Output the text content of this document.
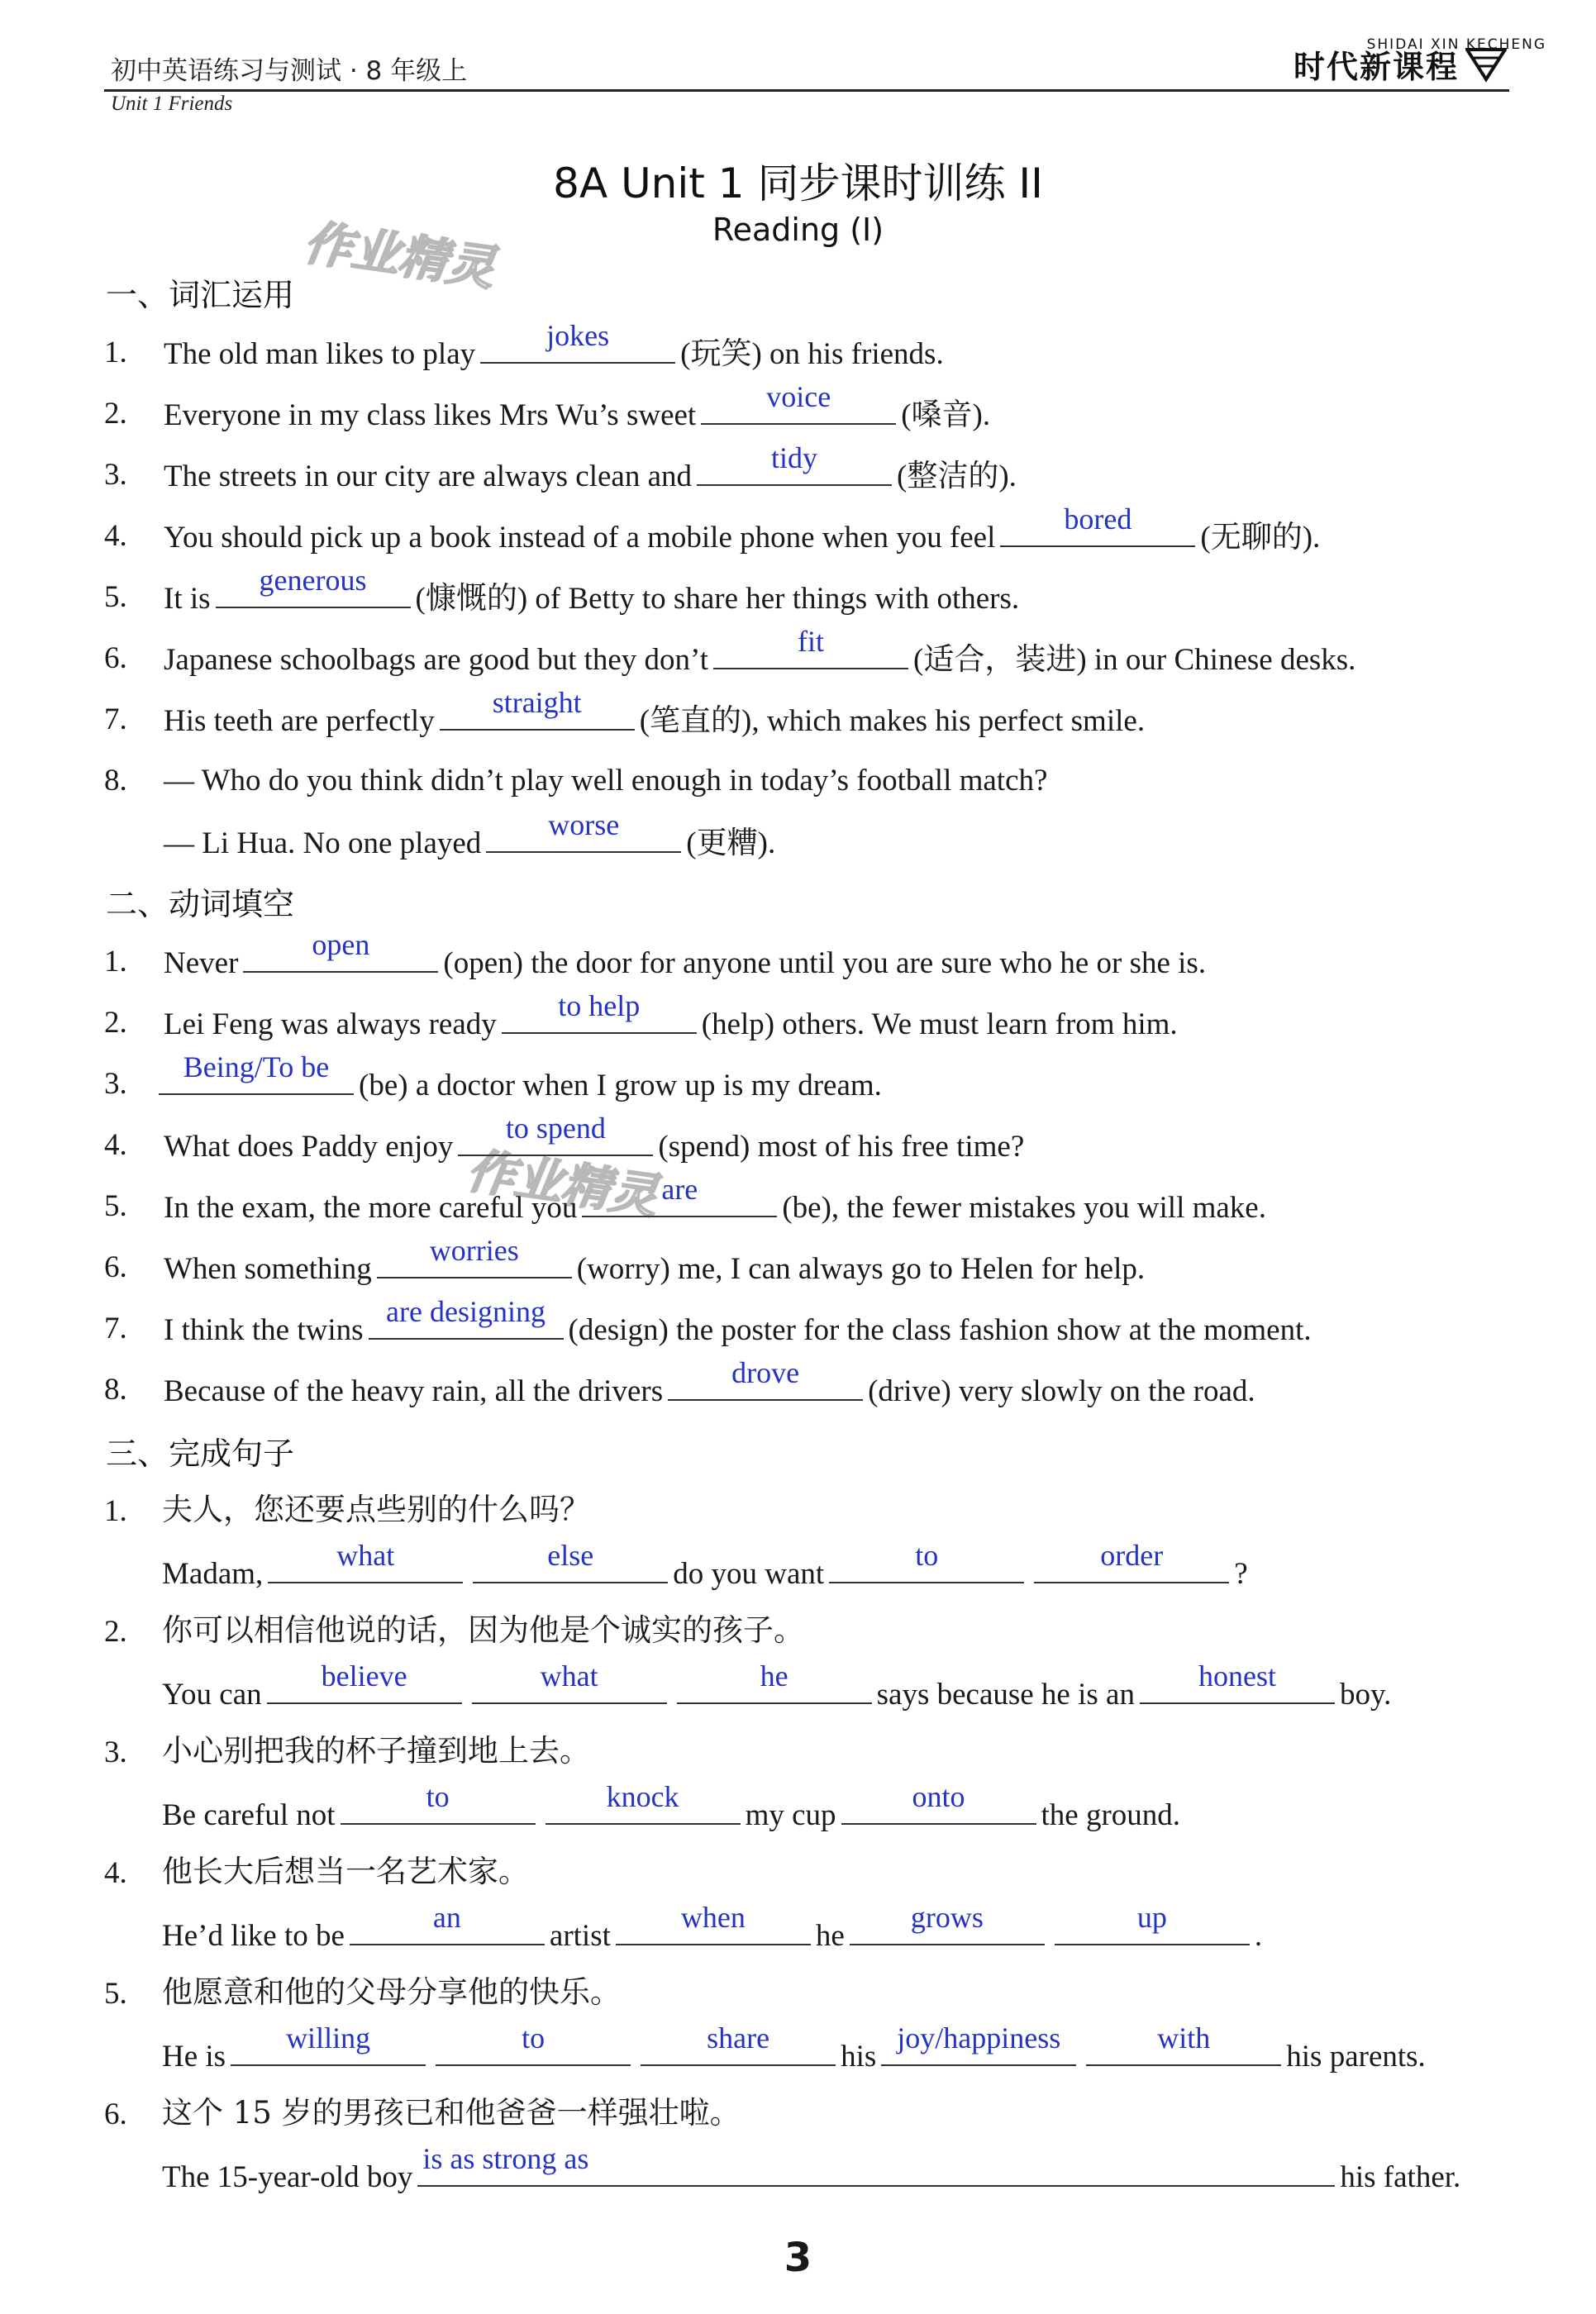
初中英语练习与测试 · 8 年级上
Unit 1 Friends
时代新课程
SHIDAI XIN KECHENG
8A Unit 1 同步课时训练 II
Reading (I)
作业精灵
作业精灵
一、词汇运用
1. The old man likes to play
jokes
(玩笑) on his friends.
2. Everyone in my class likes Mrs Wu’s sweet
voice
(嗓音).
3. The streets in our city are always clean and
tidy
(整洁的).
4. You should pick up a book instead of a mobile phone when you feel
bored
(无聊的).
5. It is
generous
(慷慨的) of Betty to share her things with others.
6. Japanese schoolbags are good but they don’t
fit
(适合，装进) in our Chinese desks.
7. His teeth are perfectly
straight
(笔直的), which makes his perfect smile.
8. — Who do you think didn’t play well enough in today’s football match?
— Li Hua. No one played
worse
(更糟).
二、动词填空
1. Never
open
(open) the door for anyone until you are sure who he or she is.
2. Lei Feng was always ready
to help
(help) others. We must learn from him.
3.	Being/To be
(be) a doctor when I grow up is my dream.
4. What does Paddy enjoy
to spend
(spend) most of his free time?
5. In the exam, the more careful you
are
(be), the fewer mistakes you will make.
6. When something
worries
(worry) me, I can always go to Helen for help.
7. I think the twins
are designing
(design) the poster for the class fashion show at the moment.
8. Because of the heavy rain, all the drivers
drove
(drive) very slowly on the road.
三、完成句子
1. 夫人，您还要点些别的什么吗？
Madam,
what	else
do you want
to	order
?
2. 你可以相信他说的话，因为他是个诚实的孩子。
You can
believe	what	he
says because he is an
honest
boy.
3. 小心别把我的杯子撞到地上去。
Be careful not
to	knock
my cup
onto
the ground.
4. 他长大后想当一名艺术家。
He’d like to be
an
artist
when
he
grows	up
.
5. 他愿意和他的父母分享他的快乐。
He is
willing	to	share
his
joy/happiness	with
his parents.
6. 这个 15 岁的男孩已和他爸爸一样强壮啦。
The 15-year-old boy
is as strong as
his father.
3
